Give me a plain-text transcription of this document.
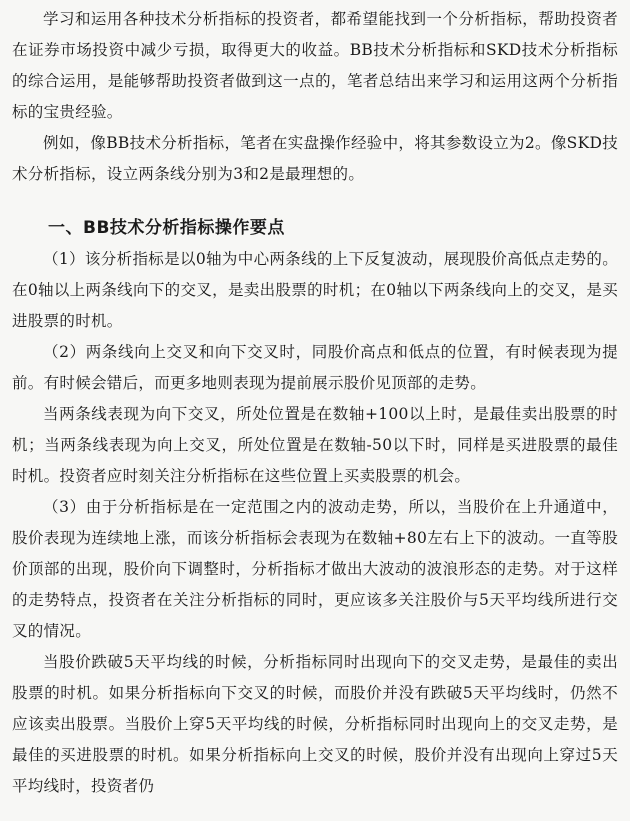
学习和运用各种技术分析指标的投资者，都希望能找到一个分析指标，帮助投资者在证券市场投资中减少亏损，取得更大的收益。BB技术分析指标和SKD技术分析指标的综合运用，是能够帮助投资者做到这一点的，笔者总结出来学习和运用这两个分析指标的宝贵经验。

例如，像BB技术分析指标，笔者在实盘操作经验中，将其参数设立为2。像SKD技术分析指标，设立两条线分别为3和2是最理想的。

一、BB技术分析指标操作要点

（1）该分析指标是以0轴为中心两条线的上下反复波动，展现股价高低点走势的。在0轴以上两条线向下的交叉，是卖出股票的时机；在0轴以下两条线向上的交叉，是买进股票的时机。

（2）两条线向上交叉和向下交叉时，同股价高点和低点的位置，有时候表现为提前。有时候会错后，而更多地则表现为提前展示股价见顶部的走势。

当两条线表现为向下交叉，所处位置是在数轴+100以上时，是最佳卖出股票的时机；当两条线表现为向上交叉，所处位置是在数轴-50以下时，同样是买进股票的最佳时机。投资者应时刻关注分析指标在这些位置上买卖股票的机会。

（3）由于分析指标是在一定范围之内的波动走势，所以，当股价在上升通道中，股价表现为连续地上涨，而该分析指标会表现为在数轴+80左右上下的波动。一直等股价顶部的出现，股价向下调整时，分析指标才做出大波动的波浪形态的走势。对于这样的走势特点，投资者在关注分析指标的同时，更应该多关注股价与5天平均线所进行交叉的情况。

当股价跌破5天平均线的时候，分析指标同时出现向下的交叉走势，是最佳的卖出股票的时机。如果分析指标向下交叉的时候，而股价并没有跌破5天平均线时，仍然不应该卖出股票。当股价上穿5天平均线的时候，分析指标同时出现向上的交叉走势，是最佳的买进股票的时机。如果分析指标向上交叉的时候，股价并没有出现向上穿过5天平均线时，投资者仍
